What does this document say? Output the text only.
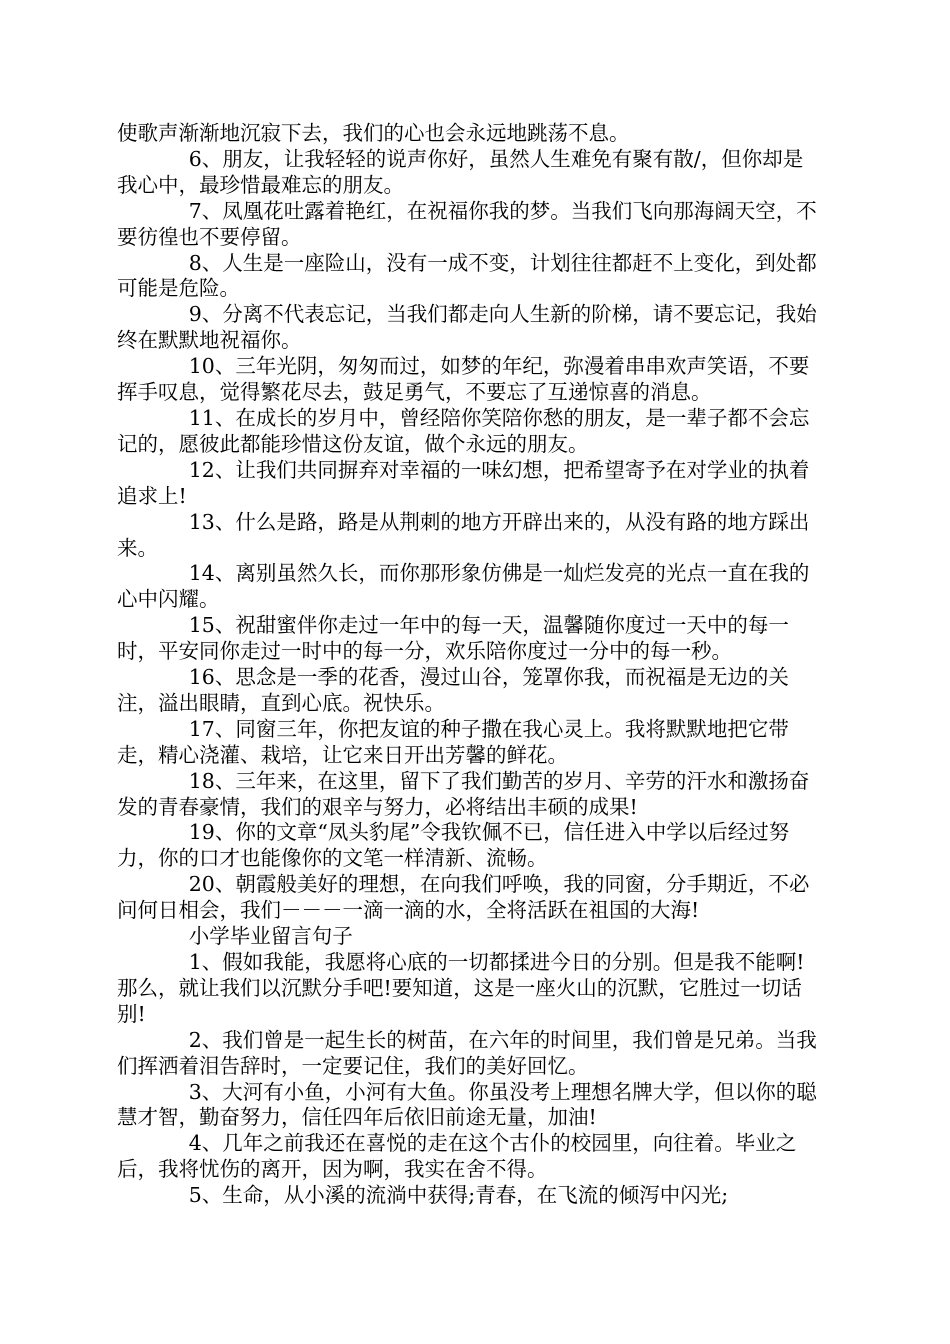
使歌声渐渐地沉寂下去，我们的心也会永远地跳荡不息。

6、朋友，让我轻轻的说声你好，虽然人生难免有聚有散/，但你却是我心中，最珍惜最难忘的朋友。

7、凤凰花吐露着艳红，在祝福你我的梦。当我们飞向那海阔天空，不要彷徨也不要停留。

8、人生是一座险山，没有一成不变，计划往往都赶不上变化，到处都可能是危险。

9、分离不代表忘记，当我们都走向人生新的阶梯，请不要忘记，我始终在默默地祝福你。

10、三年光阴，匆匆而过，如梦的年纪，弥漫着串串欢声笑语，不要挥手叹息，觉得繁花尽去，鼓足勇气，不要忘了互递惊喜的消息。

11、在成长的岁月中，曾经陪你笑陪你愁的朋友，是一辈子都不会忘记的，愿彼此都能珍惜这份友谊，做个永远的朋友。

12、让我们共同摒弃对幸福的一味幻想，把希望寄予在对学业的执着追求上!

13、什么是路，路是从荆刺的地方开辟出来的，从没有路的地方踩出来。

14、离别虽然久长，而你那形象仿佛是一灿烂发亮的光点一直在我的心中闪耀。

15、祝甜蜜伴你走过一年中的每一天，温馨随你度过一天中的每一时，平安同你走过一时中的每一分，欢乐陪你度过一分中的每一秒。

16、思念是一季的花香，漫过山谷，笼罩你我，而祝福是无边的关注，溢出眼睛，直到心底。祝快乐。

17、同窗三年，你把友谊的种子撒在我心灵上。我将默默地把它带走，精心浇灌、栽培，让它来日开出芳馨的鲜花。

18、三年来，在这里，留下了我们勤苦的岁月、辛劳的汗水和激扬奋发的青春豪情，我们的艰辛与努力，必将结出丰硕的成果!

19、你的文章“凤头豹尾”令我钦佩不已，信任进入中学以后经过努力，你的口才也能像你的文笔一样清新、流畅。

20、朝霞般美好的理想，在向我们呼唤，我的同窗，分手期近，不必问何日相会，我们－－－一滴一滴的水，全将活跃在祖国的大海!

小学毕业留言句子

1、假如我能，我愿将心底的一切都揉进今日的分别。但是我不能啊!那么，就让我们以沉默分手吧!要知道，这是一座火山的沉默，它胜过一切话别!

2、我们曾是一起生长的树苗，在六年的时间里，我们曾是兄弟。当我们挥洒着泪告辞时，一定要记住，我们的美好回忆。

3、大河有小鱼，小河有大鱼。你虽没考上理想名牌大学，但以你的聪慧才智，勤奋努力，信任四年后依旧前途无量，加油!

4、几年之前我还在喜悦的走在这个古仆的校园里，向往着。毕业之后，我将忧伤的离开，因为啊，我实在舍不得。

5、生命，从小溪的流淌中获得;青春，在飞流的倾泻中闪光;
